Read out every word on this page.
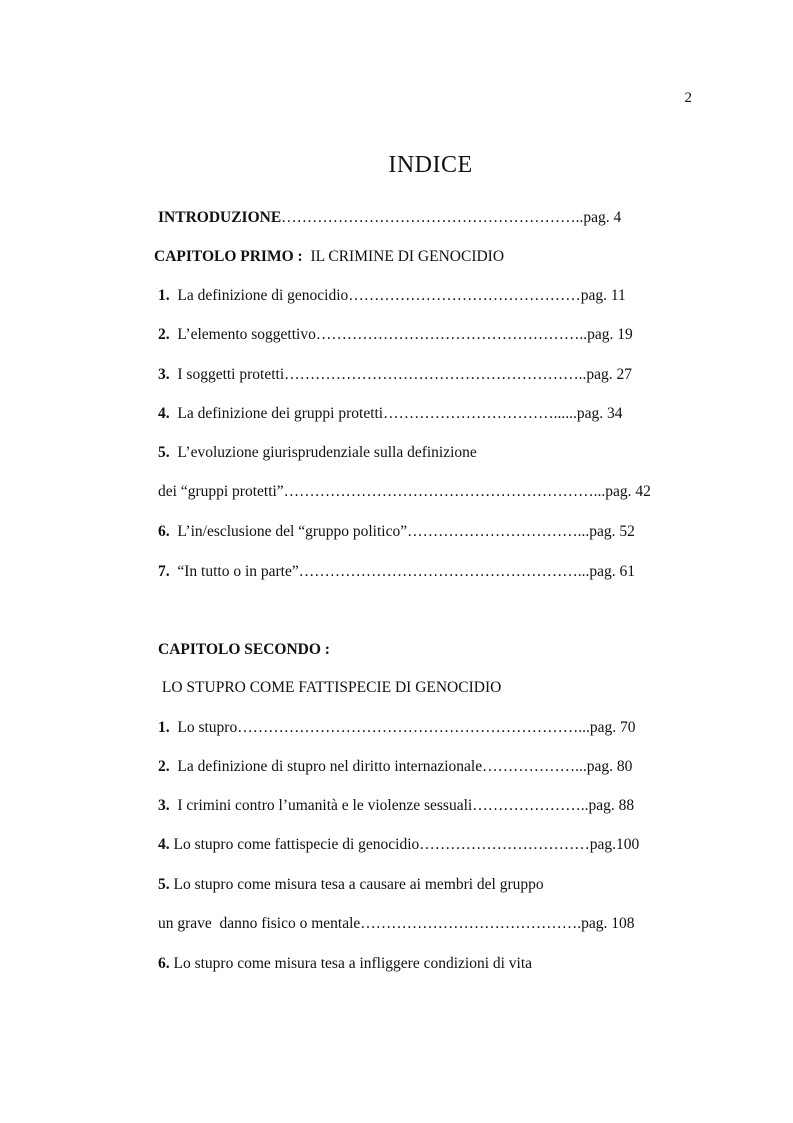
2
INDICE
INTRODUZIONE…………………………………………………..pag. 4
CAPITOLO PRIMO :  IL CRIMINE DI GENOCIDIO
1.  La definizione di genocidio………………………………………pag. 11
2.  L’elemento soggettivo……………………………………………..pag. 19
3.  I soggetti protetti…………………………………………………..pag. 27
4.  La definizione dei gruppi protetti……………………………......pag. 34
5.  L’evoluzione giurisprudenziale sulla definizione
dei “gruppi protetti”……………………………………………………...pag. 42
6.  L’in/esclusione del “gruppo politico”……………………………...pag. 52
7.  “In tutto o in parte”………………………………………………...pag. 61
CAPITOLO SECONDO :
LO STUPRO COME FATTISPECIE DI GENOCIDIO
1.  Lo stupro…………………………………………………………...pag. 70
2.  La definizione di stupro nel diritto internazionale………………...pag. 80
3.  I crimini contro l’umanità e le violenze sessuali…………………..pag. 88
4. Lo stupro come fattispecie di genocidio……………………………pag.100
5. Lo stupro come misura tesa a causare ai membri del gruppo
un grave  danno fisico o mentale…………………………………….pag. 108
6. Lo stupro come misura tesa a infliggere condizioni di vita
